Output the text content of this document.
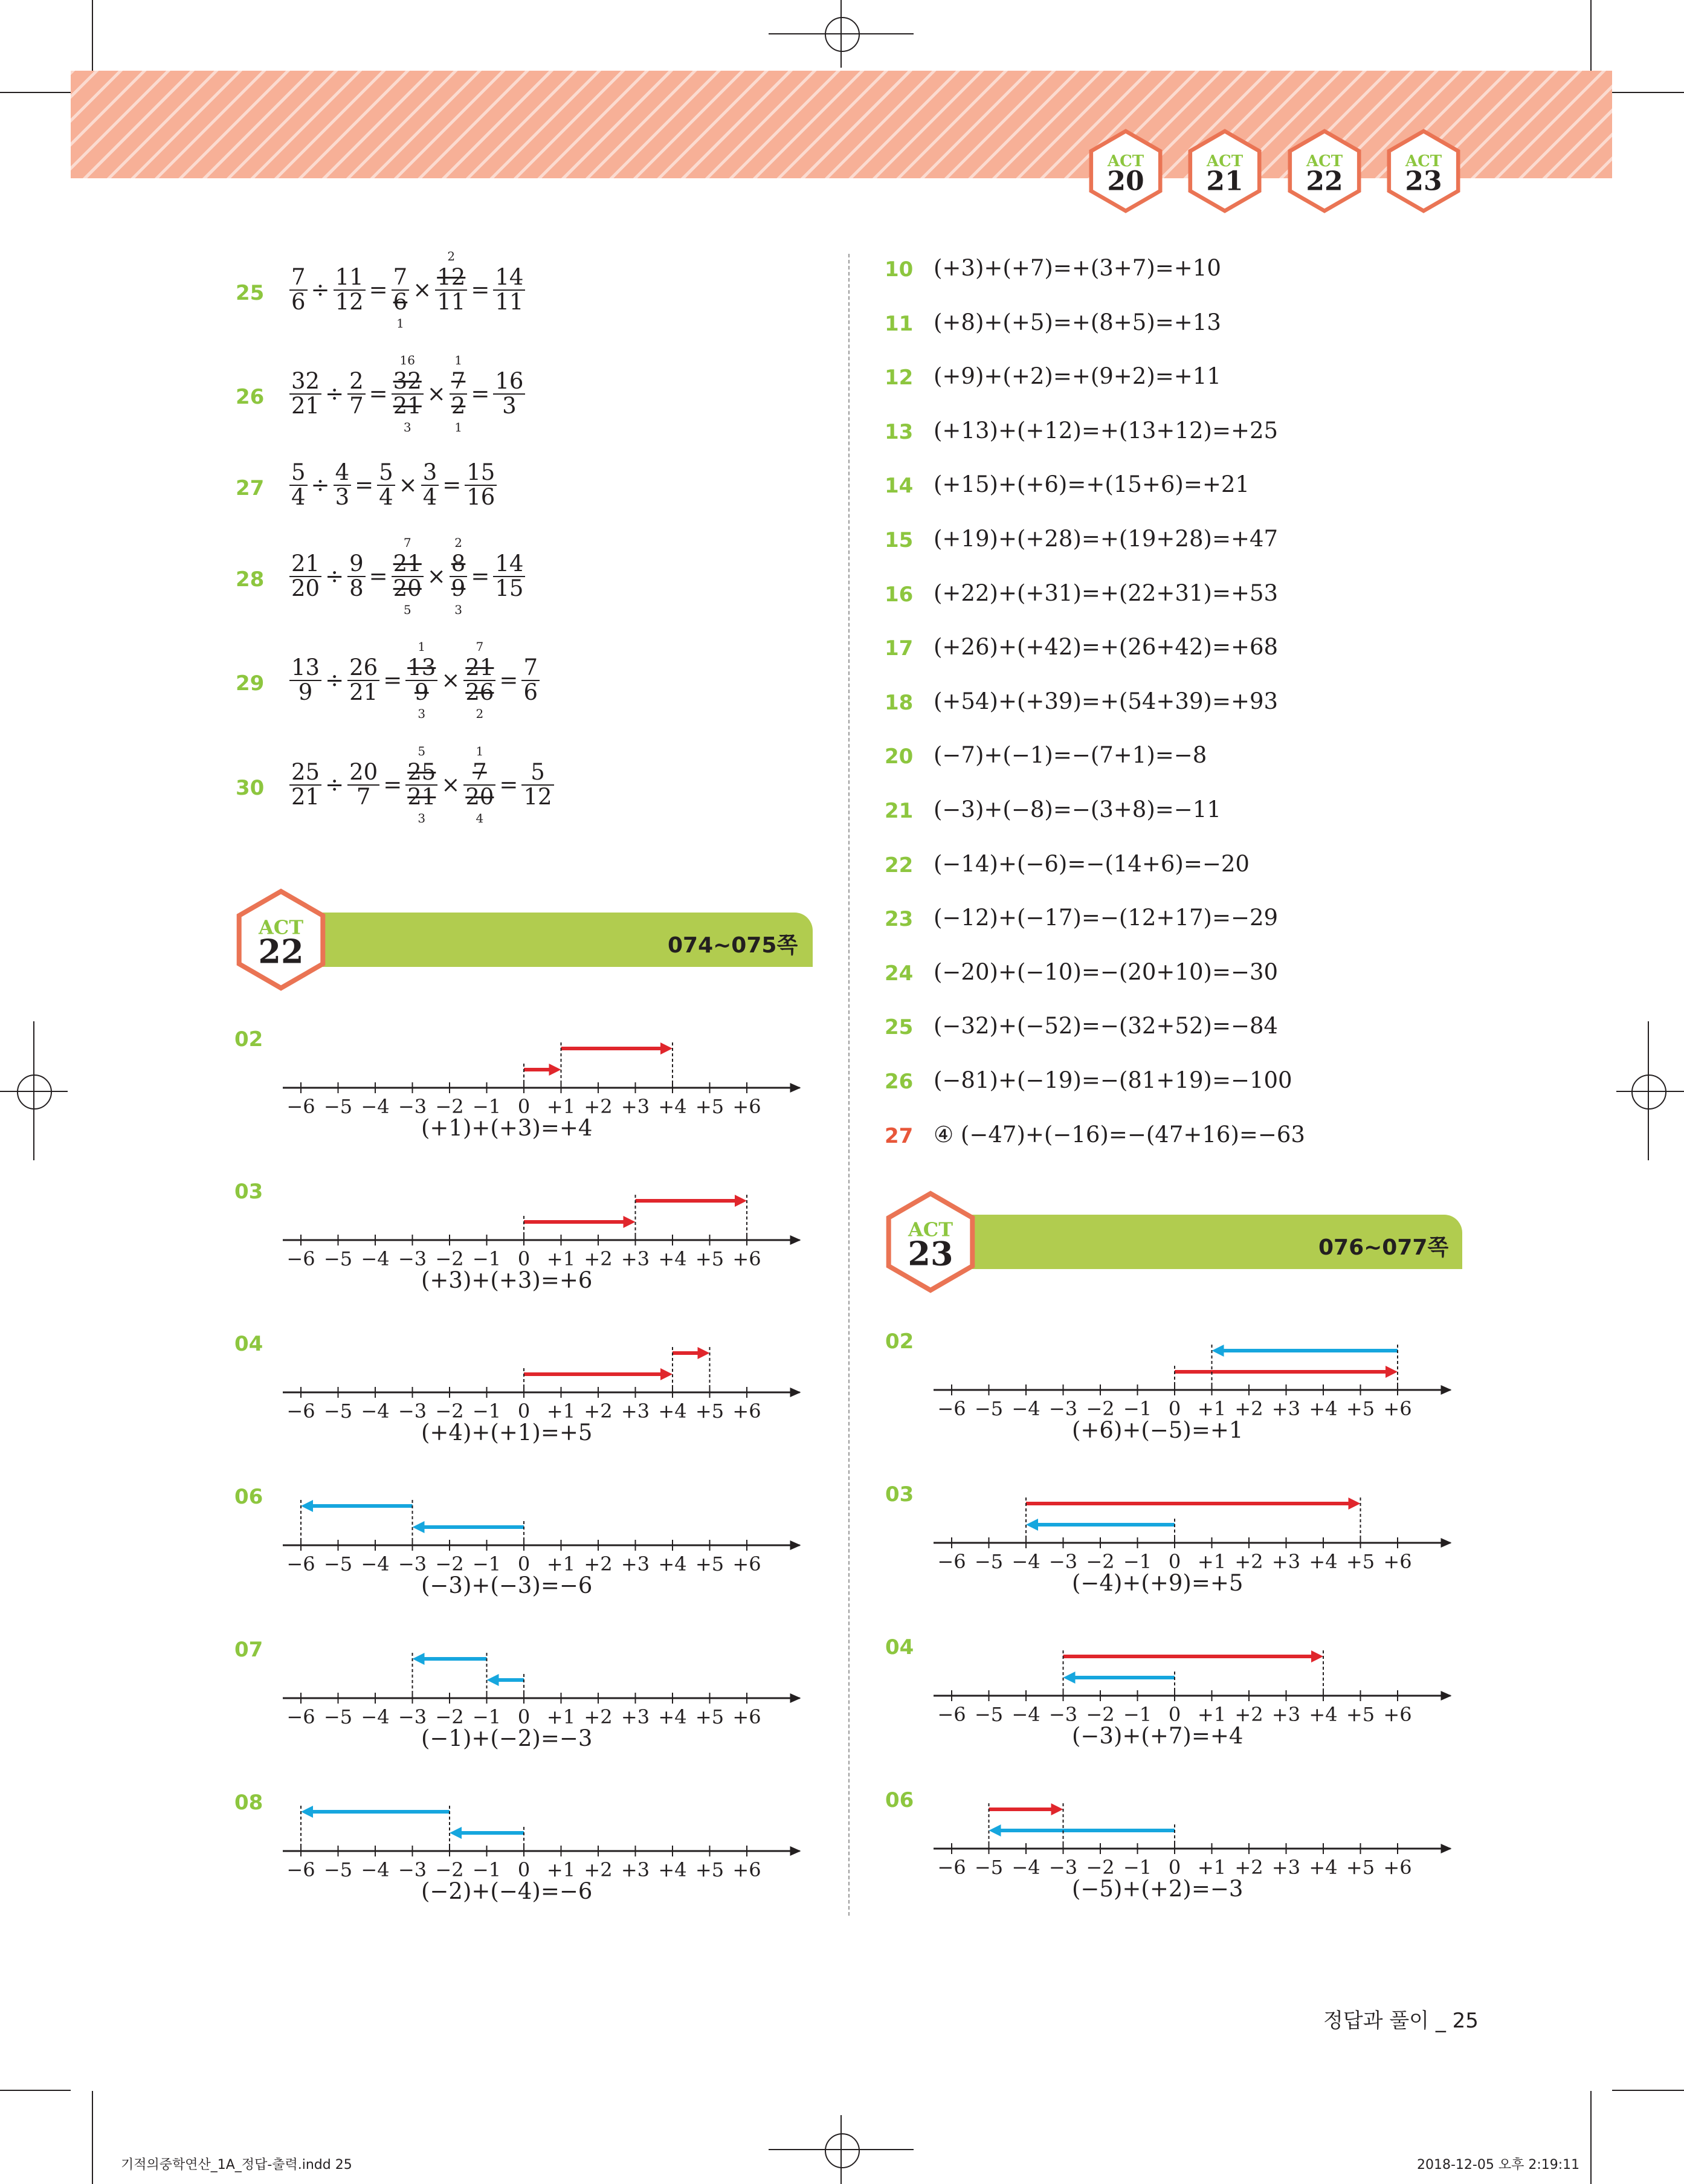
ACT
20
ACT
21
ACT
22
ACT
23
$25 \frac{7}{6} \div \frac{11}{12} = 7$
6
1
×
2
12
$11 = \frac{14}{11}$
$26 \frac{32}{21} \div \frac{2}{7}$ =
16
32
21
3
×
1
7
2
1
= $\frac{16}{3}$
$27 \frac{5}{4} \div \frac{4}{3} = \frac{5}{4} \times \frac{3}{4} = \frac{15}{16}$
$28 \frac{21}{20} \div \frac{9}{8}$ =
7
21
20
5
×
2
8
9
3
= $\frac{14}{15}$
$29 \frac{13}{9} \div \frac{26}{21}$ =
1
13
9
3
×
7
21
26
2
= $\frac{7}{6}$
$30 \frac{25}{21} \div \frac{20}{7}$ =
5
25
21
3
×
1
7
20
4
= $\frac{5}{12}$
074~075쪽
ACT
22
076~077쪽
ACT
23
02
−6 −5 −4 −3 −2 −1 0 +1 +2 +3 +4 +5 +6
(+1)+(+3)=+4
03
−6 −5 −4 −3 −2 −1 0 +1 +2 +3 +4 +5 +6
(+3)+(+3)=+6
04
−6 −5 −4 −3 −2 −1 0 +1 +2 +3 +4 +5 +6
(+4)+(+1)=+5
06
−6 −5 −4 −3 −2 −1 0 +1 +2 +3 +4 +5 +6
(−3)+(−3)=−6
07
−6 −5 −4 −3 −2 −1 0 +1 +2 +3 +4 +5 +6
(−1)+(−2)=−3
08
−6 −5 −4 −3 −2 −1 0 +1 +2 +3 +4 +5 +6
(−2)+(−4)=−6
02
−6 −5 −4 −3 −2 −1 0 +1 +2 +3 +4 +5 +6
(+6)+(−5)=+1
03
−6 −5 −4 −3 −2 −1 0 +1 +2 +3 +4 +5 +6
(−4)+(+9)=+5
04
−6 −5 −4 −3 −2 −1 0 +1 +2 +3 +4 +5 +6
(−3)+(+7)=+4
06
−6 −5 −4 −3 −2 −1 0 +1 +2 +3 +4 +5 +6
(−5)+(+2)=−3
10 (+3)+(+7)=+(3+7)=+10
11 (+8)+(+5)=+(8+5)=+13
12 (+9)+(+2)=+(9+2)=+11
13 (+13)+(+12)=+(13+12)=+25
14 (+15)+(+6)=+(15+6)=+21
15 (+19)+(+28)=+(19+28)=+47
16 (+22)+(+31)=+(22+31)=+53
17 (+26)+(+42)=+(26+42)=+68
18 (+54)+(+39)=+(54+39)=+93
20 (−7)+(−1)=−(7+1)=−8
21 (−3)+(−8)=−(3+8)=−11
22 (−14)+(−6)=−(14+6)=−20
23 (−12)+(−17)=−(12+17)=−29
24 (−20)+(−10)=−(20+10)=−30
25 (−32)+(−52)=−(32+52)=−84
26 (−81)+(−19)=−(81+19)=−100
27 ④ (−47)+(−16)=−(47+16)=−63
정답과 풀이 _ 25
기적의중학연산_1A_정답-출력.indd 25	2018-12-05 오후 2:19:11
